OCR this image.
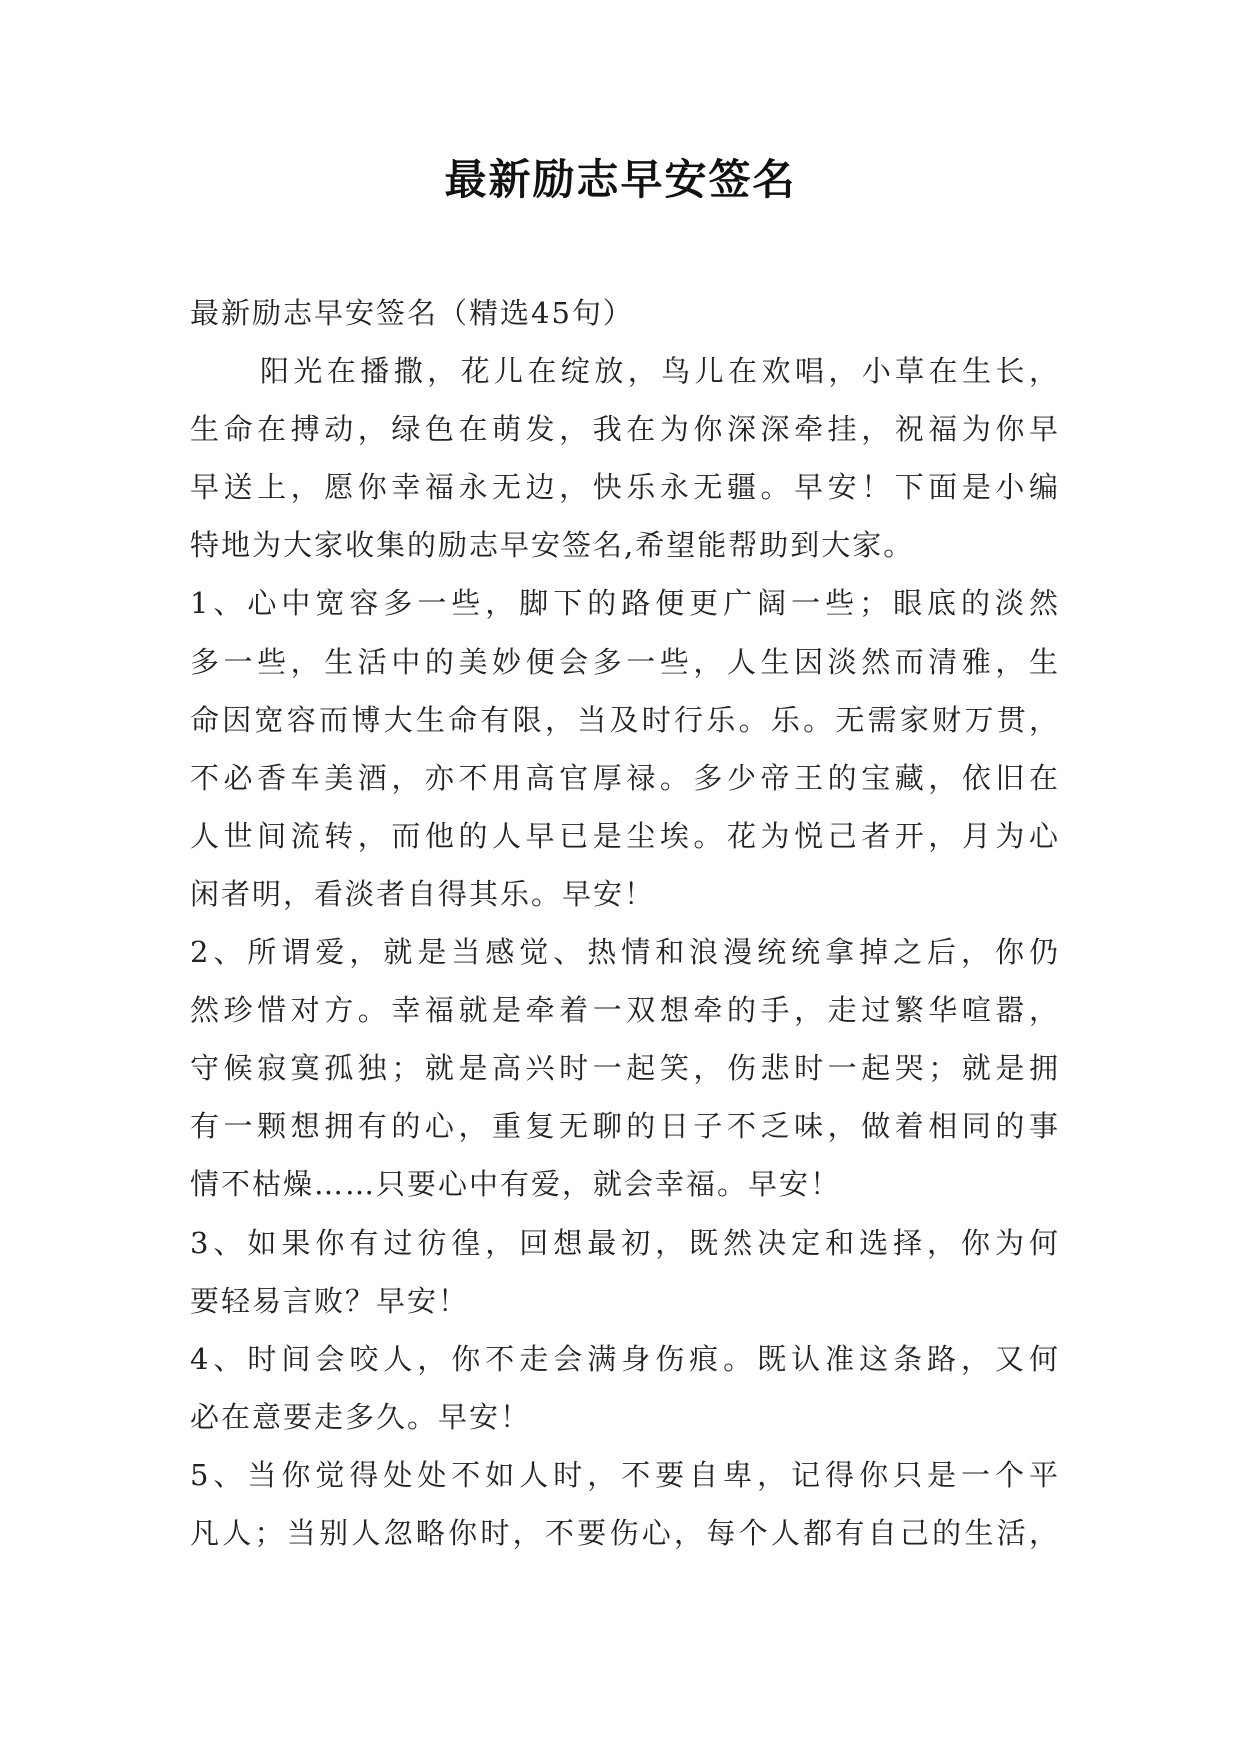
最新励志早安签名
最新励志早安签名（精选45句）
阳光在播撒，花儿在绽放，鸟儿在欢唱，小草在生长，
生命在搏动，绿色在萌发，我在为你深深牵挂，祝福为你早
早送上，愿你幸福永无边，快乐永无疆。早安！下面是小编
特地为大家收集的励志早安签名,希望能帮助到大家。
1、心中宽容多一些，脚下的路便更广阔一些；眼底的淡然
多一些，生活中的美妙便会多一些，人生因淡然而清雅，生
命因宽容而博大生命有限，当及时行乐。乐。无需家财万贯，
不必香车美酒，亦不用高官厚禄。多少帝王的宝藏，依旧在
人世间流转，而他的人早已是尘埃。花为悦己者开，月为心
闲者明，看淡者自得其乐。早安！
2、所谓爱，就是当感觉、热情和浪漫统统拿掉之后，你仍
然珍惜对方。幸福就是牵着一双想牵的手，走过繁华喧嚣，
守候寂寞孤独；就是高兴时一起笑，伤悲时一起哭；就是拥
有一颗想拥有的心，重复无聊的日子不乏味，做着相同的事
情不枯燥……只要心中有爱，就会幸福。早安！
3、如果你有过彷徨，回想最初，既然决定和选择，你为何
要轻易言败？早安！
4、时间会咬人，你不走会满身伤痕。既认准这条路，又何
必在意要走多久。早安！
5、当你觉得处处不如人时，不要自卑，记得你只是一个平
凡人；当别人忽略你时，不要伤心，每个人都有自己的生活，
